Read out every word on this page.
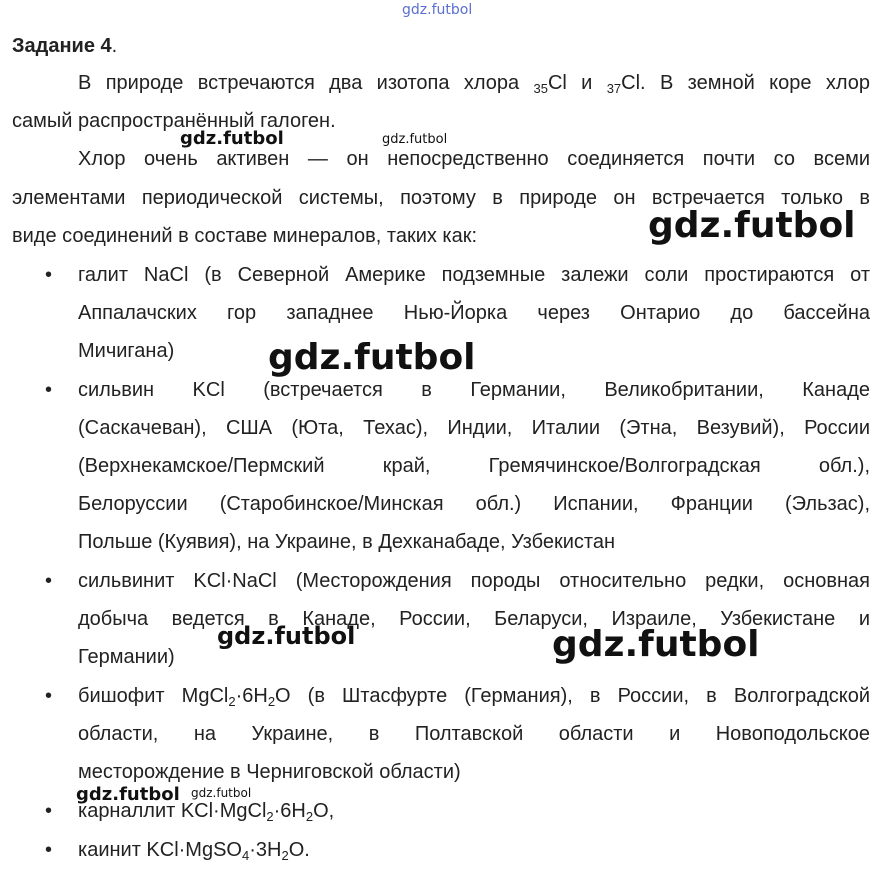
gdz.futbol
Задание 4.
В природе встречаются два изотопа хлора $_{35}$Cl и $_{37}$Cl. В земной коре хлор
самый распространённый галоген.
Хлор очень активен — он непосредственно соединяется почти со всеми
элементами периодической системы, поэтому в природе он встречается только в
виде соединений в составе минералов, таких как:
• галит NaCl (в Северной Америке подземные залежи соли простираются от
Аппалачских гор западнее Нью-Йорка через Онтарио до бассейна
Мичигана)
• сильвин KCl (встречается в Германии, Великобритании, Канаде
(Саскачеван), США (Юта, Техас), Индии, Италии (Этна, Везувий), России
(Верхнекамское/Пермский край, Гремячинское/Волгоградская обл.),
Белоруссии (Старобинское/Минская обл.) Испании, Франции (Эльзас),
Польше (Куявия), на Украине, в Дехканабаде, Узбекистан
• сильвинит KCl·NaCl (Месторождения породы относительно редки, основная
добыча ведется в Канаде, России, Беларуси, Израиле, Узбекистане и
Германии)
• бишофит $MgCl_2\cdot 6H_2O$ (в Штасфурте (Германия), в России, в Волгоградской
области, на Украине, в Полтавской области и Новоподольское
месторождение в Черниговской области)
• карналлит $KCl\cdot MgCl_2\cdot 6H_2O$,
• каинит $KCl\cdot MgSO_4\cdot 3H_2O$.
gdz.futbol	gdz.futbol
gdz.futbol
gdz.futbol
gdz.futbol	gdz.futbol
gdz.futbol gdz.futbol
